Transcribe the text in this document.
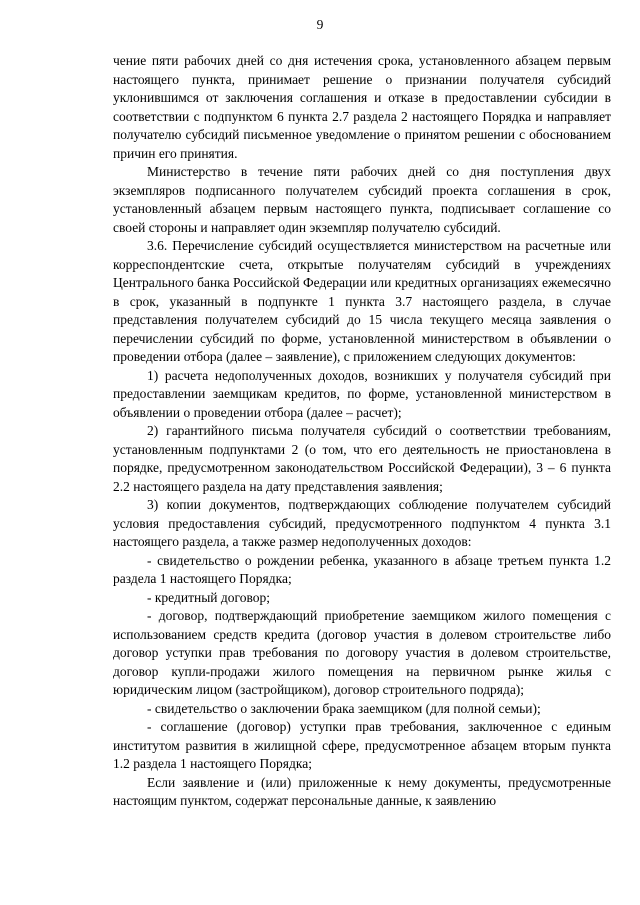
9

чение пяти рабочих дней со дня истечения срока, установленного абзацем первым настоящего пункта, принимает решение о признании получателя субсидий уклонившимся от заключения соглашения и отказе в предоставлении субсидии в соответствии с подпунктом 6 пункта 2.7 раздела 2 настоящего Порядка и направляет получателю субсидий письменное уведомление о принятом решении с обоснованием причин его принятия.

Министерство в течение пяти рабочих дней со дня поступления двух экземпляров подписанного получателем субсидий проекта соглашения в срок, установленный абзацем первым настоящего пункта, подписывает соглашение со своей стороны и направляет один экземпляр получателю субсидий.

3.6. Перечисление субсидий осуществляется министерством на расчетные или корреспондентские счета, открытые получателям субсидий в учреждениях Центрального банка Российской Федерации или кредитных организациях ежемесячно в срок, указанный в подпункте 1 пункта 3.7 настоящего раздела, в случае представления получателем субсидий до 15 числа текущего месяца заявления о перечислении субсидий по форме, установленной министерством в объявлении о проведении отбора (далее – заявление), с приложением следующих документов:

1) расчета недополученных доходов, возникших у получателя субсидий при предоставлении заемщикам кредитов, по форме, установленной министерством в объявлении о проведении отбора (далее – расчет);

2) гарантийного письма получателя субсидий о соответствии требованиям, установленным подпунктами 2 (о том, что его деятельность не приостановлена в порядке, предусмотренном законодательством Российской Федерации), 3 – 6 пункта 2.2 настоящего раздела на дату представления заявления;

3) копии документов, подтверждающих соблюдение получателем субсидий условия предоставления субсидий, предусмотренного подпунктом 4 пункта 3.1 настоящего раздела, а также размер недополученных доходов:

- свидетельство о рождении ребенка, указанного в абзаце третьем пункта 1.2 раздела 1 настоящего Порядка;

- кредитный договор;

- договор, подтверждающий приобретение заемщиком жилого помещения с использованием средств кредита (договор участия в долевом строительстве либо договор уступки прав требования по договору участия в долевом строительстве, договор купли-продажи жилого помещения на первичном рынке жилья с юридическим лицом (застройщиком), договор строительного подряда);

- свидетельство о заключении брака заемщиком (для полной семьи);

- соглашение (договор) уступки прав требования, заключенное с единым институтом развития в жилищной сфере, предусмотренное абзацем вторым пункта 1.2 раздела 1 настоящего Порядка;

Если заявление и (или) приложенные к нему документы, предусмотренные настоящим пунктом, содержат персональные данные, к заявлению
